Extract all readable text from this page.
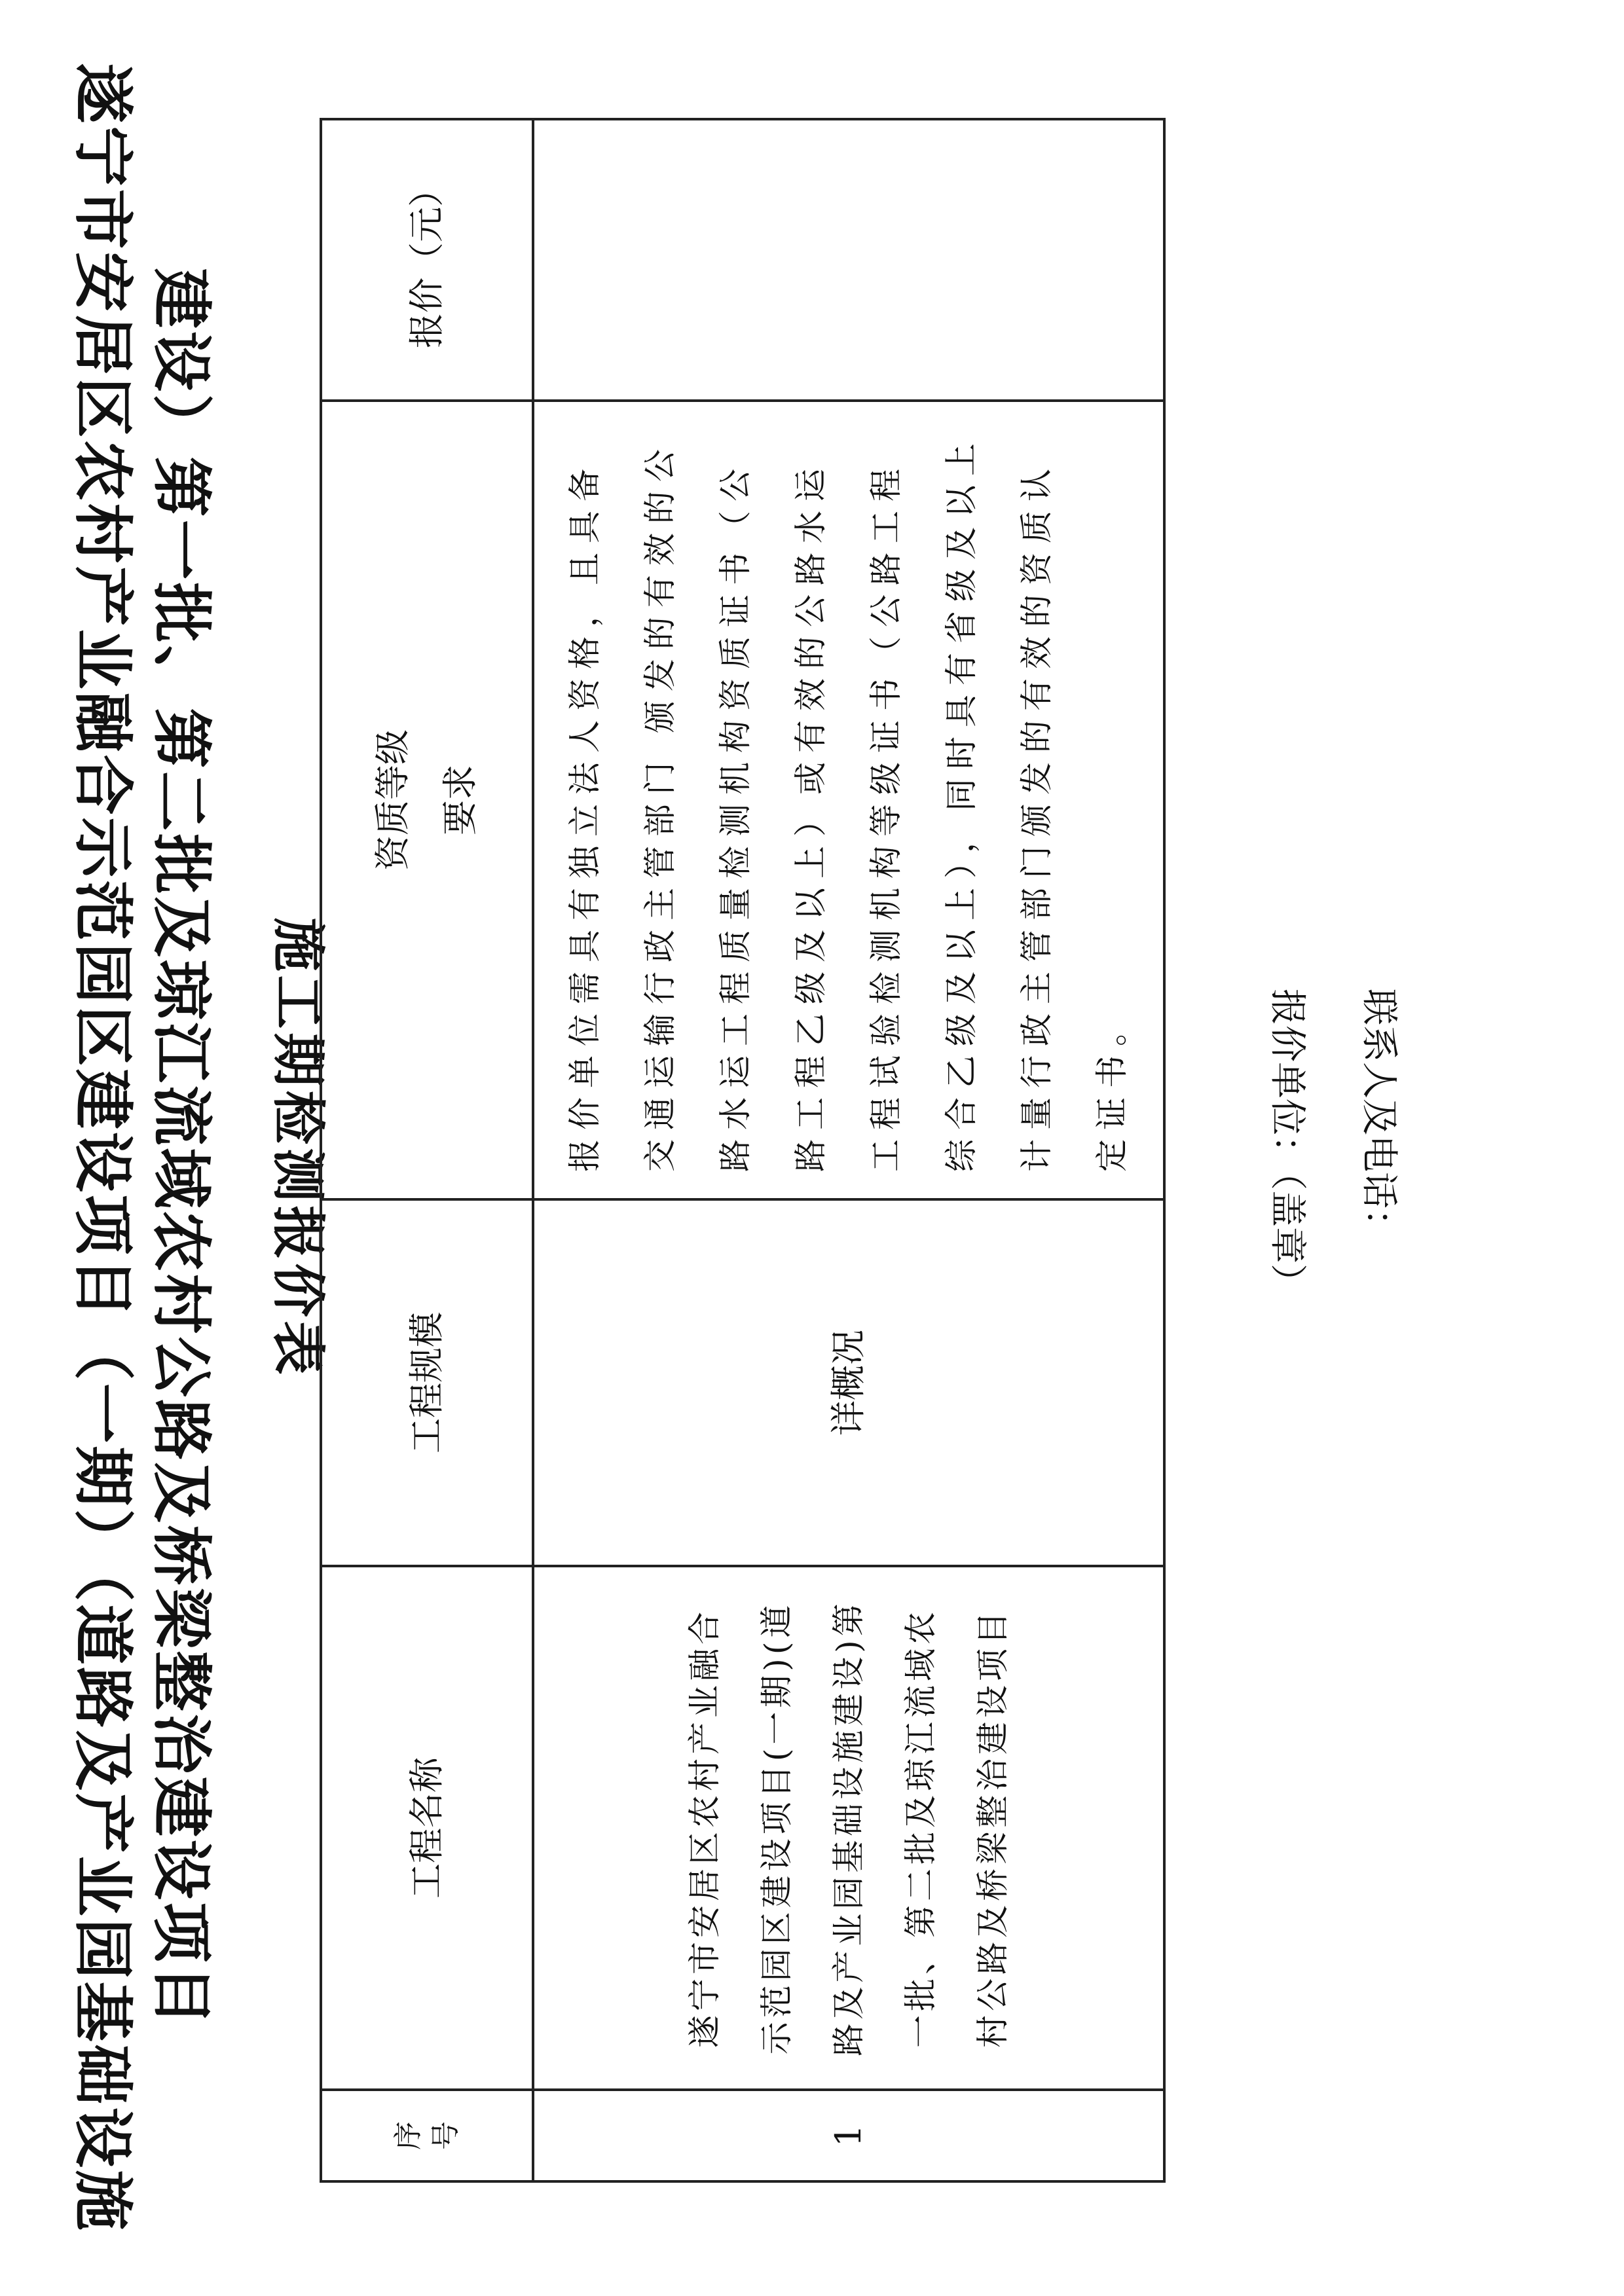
遂宁市安居区农村产业融合示范园区建设项目（一期）（道路及产业园基础设施 建设）第一批、第二批及琼江流域农村公路及桥梁整治建设项目 施工期检测报价表
序号	工程名称	工程规模	资质等级 要求	报价（元）
1	遂宁市安居区农村产业融合示范园区建设项目(一期)(道路及产业园基础设施建设)第一批、第二批及琼江流域农村公路及桥梁整治建设项目	详概况	报价单位需具有独立法人资格，且具备交通运输行政主管部门 颁发的有效的公路水运工程质量检测机构资质证书（公路工程乙级及以上）或有效的公路水运工程试验检测机构等级证书（公路工程综合乙级及以上），同时具有省级及以上计量行政主管部门颁发的有效的资质认定证书。		报价单位：（盖章） 联系人及电话：
